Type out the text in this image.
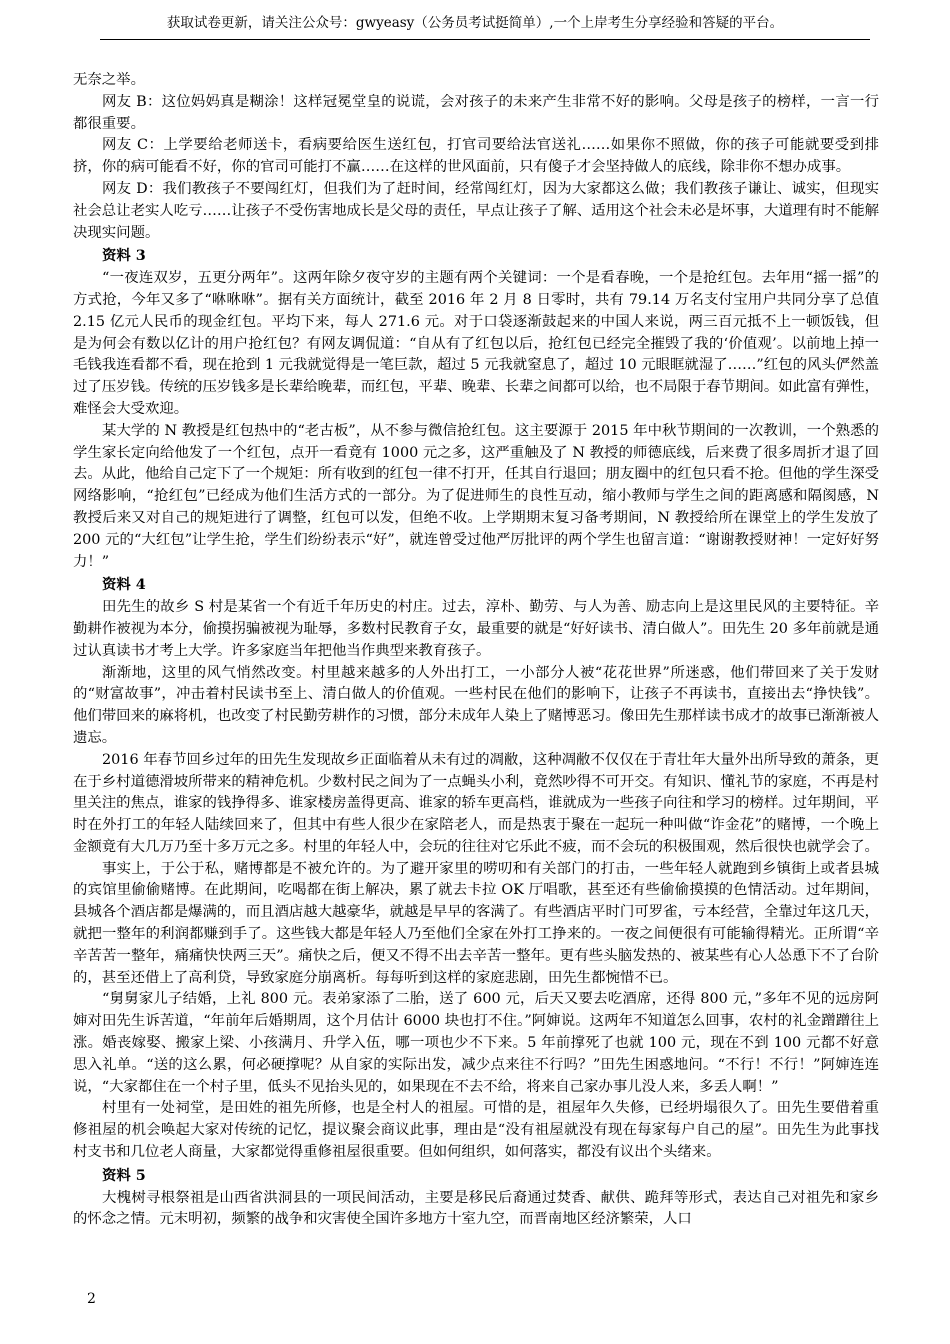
获取试卷更新，请关注公众号：gwyeasy（公务员考试挺简单）,一个上岸考生分享经验和答疑的平台。

无奈之举。

网友 B：这位妈妈真是糊涂！这样冠冕堂皇的说谎，会对孩子的未来产生非常不好的影响。父母是孩子的榜样，一言一行都很重要。

网友 C：上学要给老师送卡，看病要给医生送红包，打官司要给法官送礼……如果你不照做，你的孩子可能就要受到排挤，你的病可能看不好，你的官司可能打不赢……在这样的世风面前，只有傻子才会坚持做人的底线，除非你不想办成事。

网友 D：我们教孩子不要闯红灯，但我们为了赶时间，经常闯红灯，因为大家都这么做；我们教孩子谦让、诚实，但现实社会总让老实人吃亏……让孩子不受伤害地成长是父母的责任，早点让孩子了解、适用这个社会未必是坏事，大道理有时不能解决现实问题。

资料 3

“一夜连双岁，五更分两年”。这两年除夕夜守岁的主题有两个关键词：一个是看春晚，一个是抢红包。去年用“摇一摇”的方式抢，今年又多了“咻咻咻”。据有关方面统计，截至 2016 年 2 月 8 日零时，共有 79.14 万名支付宝用户共同分享了总值 2.15 亿元人民币的现金红包。平均下来，每人 271.6 元。对于口袋逐渐鼓起来的中国人来说，两三百元抵不上一顿饭钱，但是为何会有数以亿计的用户抢红包？有网友调侃道：“自从有了红包以后，抢红包已经完全摧毁了我的‘价值观’。以前地上掉一毛钱我连看都不看，现在抢到 1 元我就觉得是一笔巨款，超过 5 元我就窒息了，超过 10 元眼眶就湿了……”红包的风头俨然盖过了压岁钱。传统的压岁钱多是长辈给晚辈，而红包，平辈、晚辈、长辈之间都可以给，也不局限于春节期间。如此富有弹性，难怪会大受欢迎。

某大学的 N 教授是红包热中的“老古板”，从不参与微信抢红包。这主要源于 2015 年中秋节期间的一次教训，一个熟悉的学生家长定向给他发了一个红包，点开一看竟有 1000 元之多，这严重触及了 N 教授的师德底线，后来费了很多周折才退了回去。从此，他给自己定下了一个规矩：所有收到的红包一律不打开，任其自行退回；朋友圈中的红包只看不抢。但他的学生深受网络影响，“抢红包”已经成为他们生活方式的一部分。为了促进师生的良性互动，缩小教师与学生之间的距离感和隔阂感，N 教授后来又对自己的规矩进行了调整，红包可以发，但绝不收。上学期期末复习备考期间，N 教授给所在课堂上的学生发放了 200 元的“大红包”让学生抢，学生们纷纷表示“好”，就连曾受过他严厉批评的两个学生也留言道：“谢谢教授财神！一定好好努力！”

资料 4

田先生的故乡 S 村是某省一个有近千年历史的村庄。过去，淳朴、勤劳、与人为善、励志向上是这里民风的主要特征。辛勤耕作被视为本分，偷摸拐骗被视为耻辱，多数村民教育子女，最重要的就是“好好读书、清白做人”。田先生 20 多年前就是通过认真读书才考上大学。许多家庭当年把他当作典型来教育孩子。

渐渐地，这里的风气悄然改变。村里越来越多的人外出打工，一小部分人被“花花世界”所迷惑，他们带回来了关于发财的“财富故事”，冲击着村民读书至上、清白做人的价值观。一些村民在他们的影响下，让孩子不再读书，直接出去“挣快钱”。他们带回来的麻将机，也改变了村民勤劳耕作的习惯，部分未成年人染上了赌博恶习。像田先生那样读书成才的故事已渐渐被人遗忘。

2016 年春节回乡过年的田先生发现故乡正面临着从未有过的凋敝，这种凋敝不仅仅在于青壮年大量外出所导致的萧条，更在于乡村道德滑坡所带来的精神危机。少数村民之间为了一点蝇头小利，竟然吵得不可开交。有知识、懂礼节的家庭，不再是村里关注的焦点，谁家的钱挣得多、谁家楼房盖得更高、谁家的轿车更高档，谁就成为一些孩子向往和学习的榜样。过年期间，平时在外打工的年轻人陆续回来了，但其中有些人很少在家陪老人，而是热衷于聚在一起玩一种叫做“诈金花”的赌博，一个晚上金额竟有大几万乃至十多万元之多。村里的年轻人中，会玩的往往对它乐此不疲，而不会玩的积极围观，然后很快也就学会了。

事实上，于公于私，赌博都是不被允许的。为了避开家里的唠叨和有关部门的打击，一些年轻人就跑到乡镇街上或者县城的宾馆里偷偷赌博。在此期间，吃喝都在街上解决，累了就去卡拉 OK 厅唱歌，甚至还有些偷偷摸摸的色情活动。过年期间，县城各个酒店都是爆满的，而且酒店越大越豪华，就越是早早的客满了。有些酒店平时门可罗雀，亏本经营，全靠过年这几天，就把一整年的利润都赚到手了。这些钱大都是年轻人乃至他们全家在外打工挣来的。一夜之间便很有可能输得精光。正所谓“辛辛苦苦一整年，痛痛快快两三天”。痛快之后，便又不得不出去辛苦一整年。更有些头脑发热的、被某些有心人怂恿下不了台阶的，甚至还借上了高利贷，导致家庭分崩离析。每每听到这样的家庭悲剧，田先生都惋惜不已。

“舅舅家儿子结婚，上礼 800 元。表弟家添了二胎，送了 600 元，后天又要去吃酒席，还得 800 元，”多年不见的远房阿婶对田先生诉苦道，“年前年后婚期周，这个月估计 6000 块也打不住。”阿婶说。这两年不知道怎么回事，农村的礼金蹭蹭往上涨。婚丧嫁娶、搬家上梁、小孩满月、升学入伍，哪一项也少不下来。5 年前撑死了也就 100 元，现在不到 100 元都不好意思入礼单。“送的这么累，何必硬撑呢？从自家的实际出发，减少点来往不行吗？”田先生困惑地问。“不行！不行！”阿婶连连说，“大家都住在一个村子里，低头不见抬头见的，如果现在不去不给，将来自己家办事儿没人来，多丢人啊！”

村里有一处祠堂，是田姓的祖先所修，也是全村人的祖屋。可惜的是，祖屋年久失修，已经坍塌很久了。田先生要借着重修祖屋的机会唤起大家对传统的记忆，提议聚会商议此事，理由是“没有祖屋就没有现在每家每户自己的屋”。田先生为此事找村支书和几位老人商量，大家都觉得重修祖屋很重要。但如何组织，如何落实，都没有议出个头绪来。

资料 5

大槐树寻根祭祖是山西省洪洞县的一项民间活动，主要是移民后裔通过焚香、献供、跪拜等形式，表达自己对祖先和家乡的怀念之情。元末明初，频繁的战争和灾害使全国许多地方十室九空，而晋南地区经济繁荣，人口

2
